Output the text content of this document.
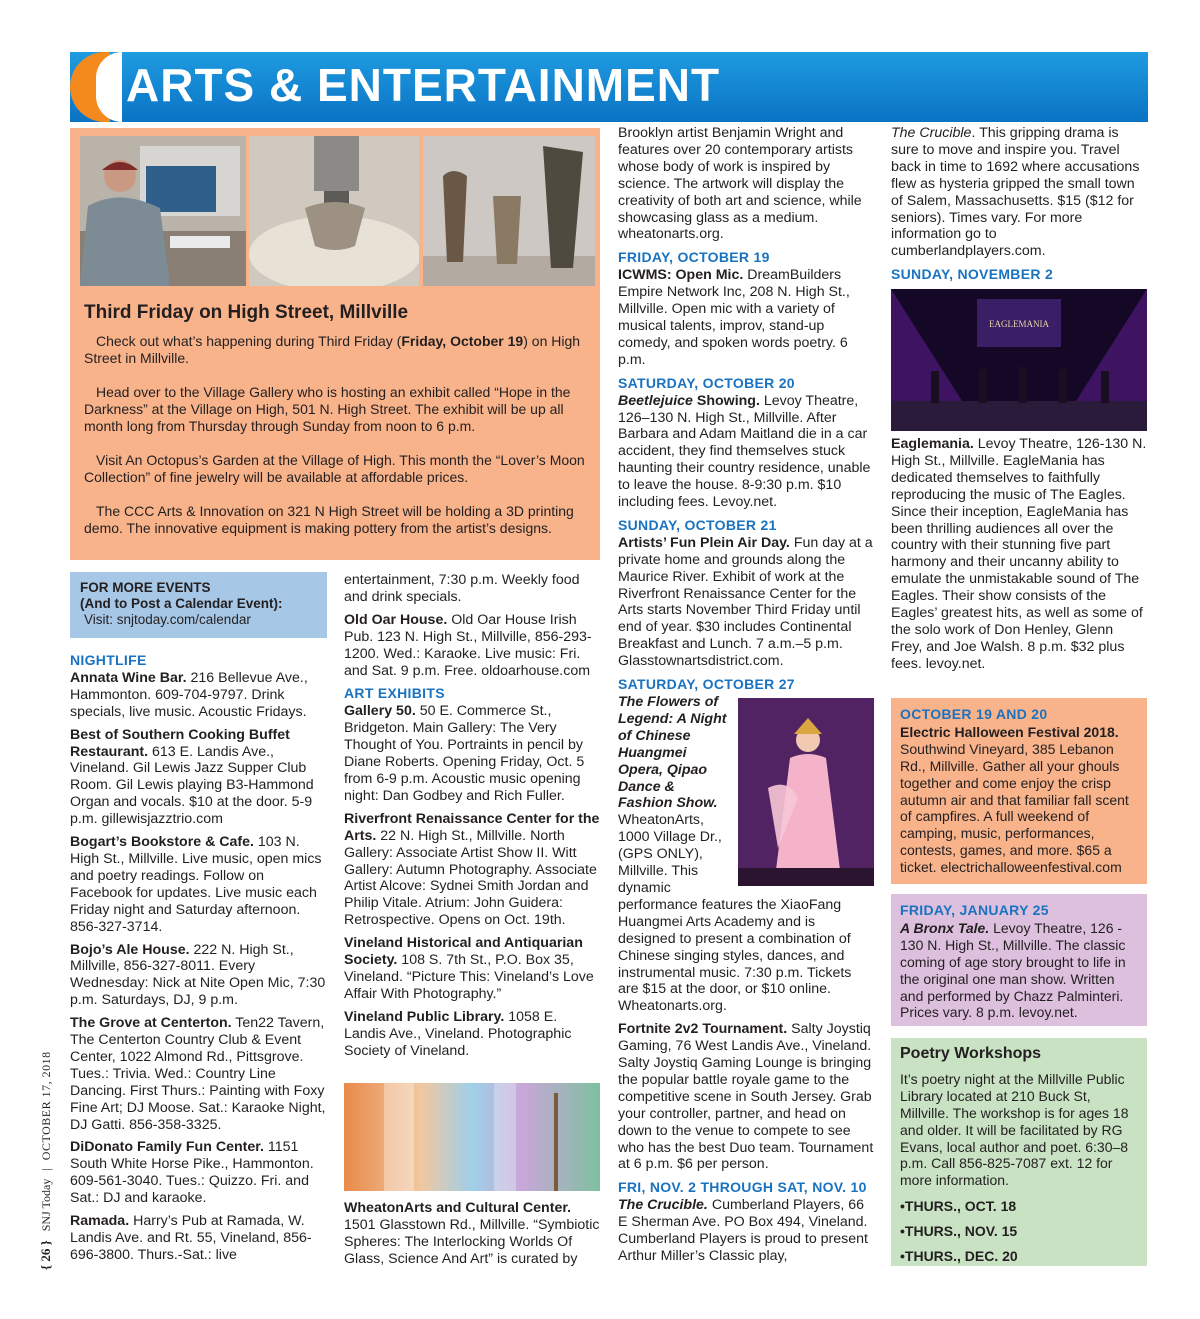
ARTS & ENTERTAINMENT
Third Friday on High Street, Millville

Check out what’s happening during Third Friday (Friday, October 19) on High Street in Millville.

Head over to the Village Gallery who is hosting an exhibit called “Hope in the Darkness” at the Village on High, 501 N. High Street. The exhibit will be up all month long from Thursday through Sunday from noon to 6 p.m.

Visit An Octopus’s Garden at the Village of High. This month the “Lover’s Moon Collection” of fine jewelry will be available at affordable prices.

The CCC Arts & Innovation on 321 N High Street will be holding a 3D printing demo. The innovative equipment is making pottery from the artist’s designs.

FOR MORE EVENTS
(And to Post a Calendar Event):
Visit: snjtoday.com/calendar
NIGHTLIFE

Annata Wine Bar. 216 Bellevue Ave., Hammonton. 609-704-9797. Drink specials, live music. Acoustic Fridays.

Best of Southern Cooking Buffet Restaurant. 613 E. Landis Ave., Vineland. Gil Lewis Jazz Supper Club Room. Gil Lewis playing B3-Hammond Organ and vocals. $10 at the door. 5-9 p.m. gillewisjazztrio.com

Bogart’s Bookstore & Cafe. 103 N. High St., Millville. Live music, open mics and poetry readings. Follow on Facebook for updates. Live music each Friday night and Saturday afternoon. 856-327-3714.

Bojo’s Ale House. 222 N. High St., Millville, 856-327-8011. Every Wednesday: Nick at Nite Open Mic, 7:30 p.m. Saturdays, DJ, 9 p.m.

The Grove at Centerton. Ten22 Tavern, The Centerton Country Club & Event Center, 1022 Almond Rd., Pittsgrove. Tues.: Trivia. Wed.: Country Line Dancing. First Thurs.: Painting with Foxy Fine Art; DJ Moose. Sat.: Karaoke Night, DJ Gatti. 856-358-3325.

DiDonato Family Fun Center. 1151 South White Horse Pike., Hammonton. 609-561-3040. Tues.: Quizzo. Fri. and Sat.: DJ and karaoke.

Ramada. Harry’s Pub at Ramada, W. Landis Ave. and Rt. 55, Vineland, 856-696-3800. Thurs.-Sat.: live

entertainment, 7:30 p.m. Weekly food and drink specials.

Old Oar House. Old Oar House Irish Pub. 123 N. High St., Millville, 856-293-1200. Wed.: Karaoke. Live music: Fri. and Sat. 9 p.m. Free. oldoarhouse.com

ART EXHIBITS

Gallery 50. 50 E. Commerce St., Bridgeton. Main Gallery: The Very Thought of You. Portraints in pencil by Diane Roberts. Opening Friday, Oct. 5 from 6-9 p.m. Acoustic music opening night: Dan Godbey and Rich Fuller.

Riverfront Renaissance Center for the Arts. 22 N. High St., Millville. North Gallery: Associate Artist Show II. Witt Gallery: Autumn Photography. Associate Artist Alcove: Sydnei Smith Jordan and Philip Vitale. Atrium: John Guidera: Retrospective. Opens on Oct. 19th.

Vineland Historical and Antiquarian Society. 108 S. 7th St., P.O. Box 35, Vineland. “Picture This: Vineland’s Love Affair With Photography.”

Vineland Public Library. 1058 E. Landis Ave., Vineland. Photographic Society of Vineland.

WheatonArts and Cultural Center. 1501 Glasstown Rd., Millville. “Symbiotic Spheres: The Interlocking Worlds Of Glass, Science And Art” is curated by

Brooklyn artist Benjamin Wright and features over 20 contemporary artists whose body of work is inspired by science. The artwork will display the creativity of both art and science, while showcasing glass as a medium. wheatonarts.org.

FRIDAY, OCTOBER 19

ICWMS: Open Mic. DreamBuilders Empire Network Inc, 208 N. High St., Millville. Open mic with a variety of musical talents, improv, stand-up comedy, and spoken words poetry. 6 p.m.

SATURDAY, OCTOBER 20

Beetlejuice Showing. Levoy Theatre, 126–130 N. High St., Millville. After Barbara and Adam Maitland die in a car accident, they find themselves stuck haunting their country residence, unable to leave the house. 8-9:30 p.m. $10 including fees. Levoy.net.

SUNDAY, OCTOBER 21

Artists’ Fun Plein Air Day. Fun day at a private home and grounds along the Maurice River. Exhibit of work at the Riverfront Renaissance Center for the Arts starts November Third Friday until end of year. $30 includes Continental Breakfast and Lunch. 7 a.m.–5 p.m. Glasstownartsdistrict.com.

SATURDAY, OCTOBER 27

The Flowers of Legend: A Night of Chinese Huangmei Opera, Qipao Dance & Fashion Show. WheatonArts, 1000 Village Dr., (GPS ONLY), Millville. This dynamic performance features the XiaoFang Huangmei Arts Academy and is designed to present a combination of Chinese singing styles, dances, and instrumental music. 7:30 p.m. Tickets are $15 at the door, or $10 online. Wheatonarts.org.

Fortnite 2v2 Tournament. Salty Joystiq Gaming, 76 West Landis Ave., Vineland. Salty Joystiq Gaming Lounge is bringing the popular battle royale game to the competitive scene in South Jersey. Grab your controller, partner, and head on down to the venue to compete to see who has the best Duo team. Tournament at 6 p.m. $6 per person.

FRI, NOV. 2 THROUGH SAT, NOV. 10

The Crucible. Cumberland Players, 66 E Sherman Ave. PO Box 494, Vineland. Cumberland Players is proud to present Arthur Miller’s Classic play,

The Crucible. This gripping drama is sure to move and inspire you. Travel back in time to 1692 where accusations flew as hysteria gripped the small town of Salem, Massachusetts. $15 ($12 for seniors). Times vary. For more information go to cumberlandplayers.com.

SUNDAY, NOVEMBER 2
EAGLEMANIA

Eaglemania. Levoy Theatre, 126-130 N. High St., Millville. EagleMania has dedicated themselves to faithfully reproducing the music of The Eagles. Since their inception, EagleMania has been thrilling audiences all over the country with their stunning five part harmony and their uncanny ability to emulate the unmistakable sound of The Eagles. Their show consists of the Eagles’ greatest hits, as well as some of the solo work of Don Henley, Glenn Frey, and Joe Walsh. 8 p.m. $32 plus fees. levoy.net.

OCTOBER 19 AND 20
Electric Halloween Festival 2018. Southwind Vineyard, 385 Lebanon Rd., Millville. Gather all your ghouls together and come enjoy the crisp autumn air and that familiar fall scent of campfires. A full weekend of camping, music, performances, contests, games, and more. $65 a ticket. electrichalloweenfestival.com
FRIDAY, JANUARY 25
A Bronx Tale. Levoy Theatre, 126 - 130 N. High St., Millville. The classic coming of age story brought to life in the original one man show. Written and performed by Chazz Palminteri. Prices vary. 8 p.m. levoy.net.
Poetry Workshops
It’s poetry night at the Millville Public Library located at 210 Buck St, Millville. The workshop is for ages 18 and older. It will be facilitated by RG Evans, local author and poet. 6:30–8 p.m. Call 856-825-7087 ext. 12 for more information.
•THURS., OCT. 18
•THURS., NOV. 15
•THURS., DEC. 20
{ 26 } SNJ Today | OCTOBER 17, 2018
